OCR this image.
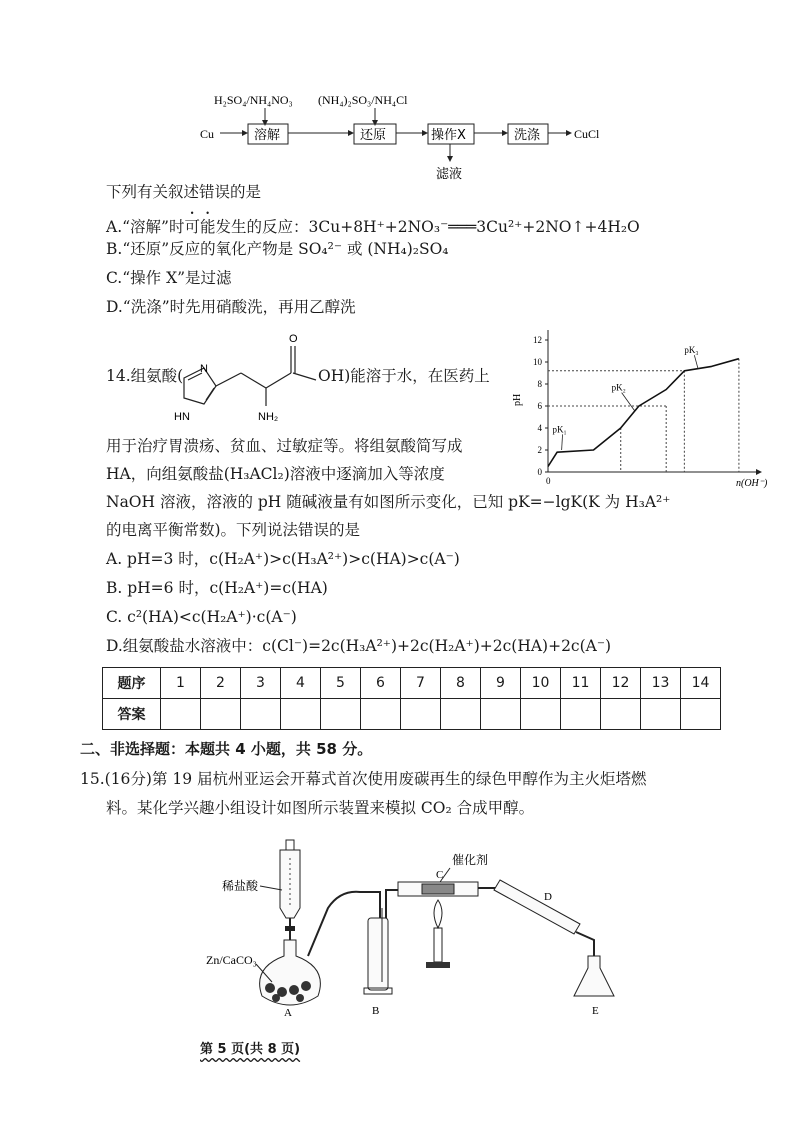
H₂SO₄/NH₄NO₃ (NH₄)₂SO₃/NH₄Cl
Cu	溶解	还原	操作X	洗涤	CuCl
滤液
下列有关叙述错误的是
A.“溶解”时可能发生的反应：3Cu+8H⁺+2NO₃⁻═══3Cu²⁺+2NO↑+4H₂O
B.“还原”反应的氧化产物是 SO₄²⁻ 或 (NH₄)₂SO₄
C.“操作 X”是过滤
D.“洗涤”时先用硝酸洗，再用乙醇洗
14.组氨酸( N
HN
O
NH₂
OH)能溶于水，在医药上
0
2
4
6
8
10
12
0	n(OH⁻)
pH
pK₁
pK₂
pK₃
用于治疗胃溃疡、贫血、过敏症等。将组氨酸简写成
HA，向组氨酸盐(H₃ACl₂)溶液中逐滴加入等浓度
NaOH 溶液，溶液的 pH 随碱液量有如图所示变化，已知 pK=−lgK(K 为 H₃A²⁺
的电离平衡常数)。下列说法错误的是
A. pH=3 时，c(H₂A⁺)>c(H₃A²⁺)>c(HA)>c(A⁻)
B. pH=6 时，c(H₂A⁺)=c(HA)
C. c²(HA)<c(H₂A⁺)·c(A⁻)
D.组氨酸盐水溶液中：c(Cl⁻)=2c(H₃A²⁺)+2c(H₂A⁺)+2c(HA)+2c(A⁻)
题序	1	2	3	4	5	6	7	8	9	10	11	12	13	14
答案														
二、非选择题：本题共 4 小题，共 58 分。
15.(16分)第 19 届杭州亚运会开幕式首次使用废碳再生的绿色甲醇作为主火炬塔燃
料。某化学兴趣小组设计如图所示装置来模拟 CO₂ 合成甲醇。
稀盐酸
Zn/CaCO₃
A	B
催化剂
C
D
E
第 5 页(共 8 页)
